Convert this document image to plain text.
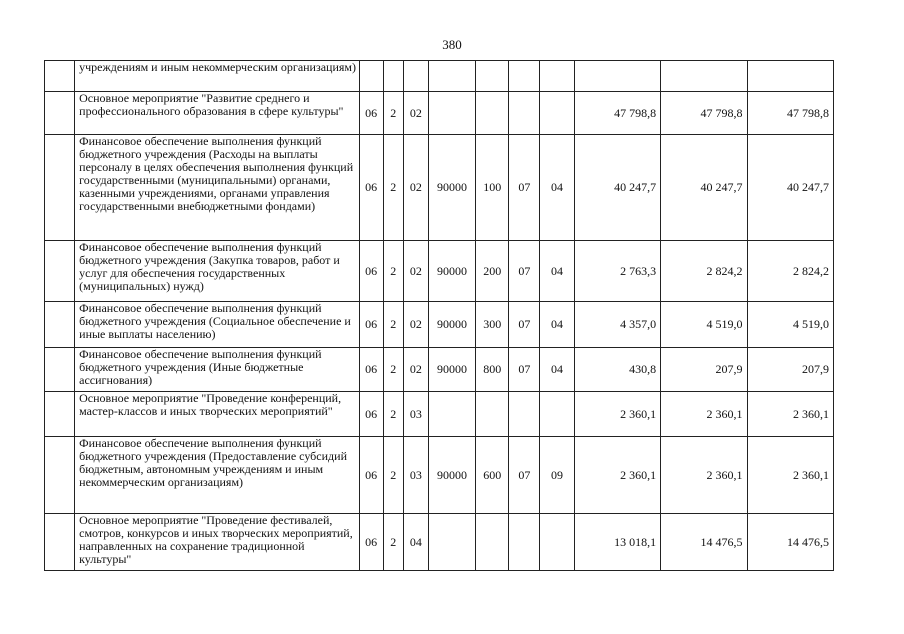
380
	учреждениям и иным некоммерческим организациям)										
	Основное мероприятие "Развитие среднего и профессионального образования в сфере культуры"	06	2	02					47 798,8	47 798,8	47 798,8
	Финансовое обеспечение выполнения функций бюджетного учреждения (Расходы на выплаты персоналу в целях обеспечения выполнения функций государственными (муниципальными) органами, казенными учреждениями, органами управления государственными внебюджетными фондами)	06	2	02	90000	100	07	04	40 247,7	40 247,7	40 247,7
	Финансовое обеспечение выполнения функций бюджетного учреждения (Закупка товаров, работ и услуг для обеспечения государственных (муниципальных) нужд)	06	2	02	90000	200	07	04	2 763,3	2 824,2	2 824,2
	Финансовое обеспечение выполнения функций бюджетного учреждения (Социальное обеспечение и иные выплаты населению)	06	2	02	90000	300	07	04	4 357,0	4 519,0	4 519,0
	Финансовое обеспечение выполнения функций бюджетного учреждения (Иные бюджетные ассигнования)	06	2	02	90000	800	07	04	430,8	207,9	207,9
	Основное мероприятие "Проведение конференций, мастер-классов и иных творческих мероприятий"	06	2	03					2 360,1	2 360,1	2 360,1
	Финансовое обеспечение выполнения функций бюджетного учреждения (Предоставление субсидий бюджетным, автономным учреждениям и иным некоммерческим организациям)	06	2	03	90000	600	07	09	2 360,1	2 360,1	2 360,1
	Основное мероприятие "Проведение фестивалей, смотров, конкурсов и иных творческих мероприятий, направленных на сохранение традиционной культуры"	06	2	04					13 018,1	14 476,5	14 476,5
